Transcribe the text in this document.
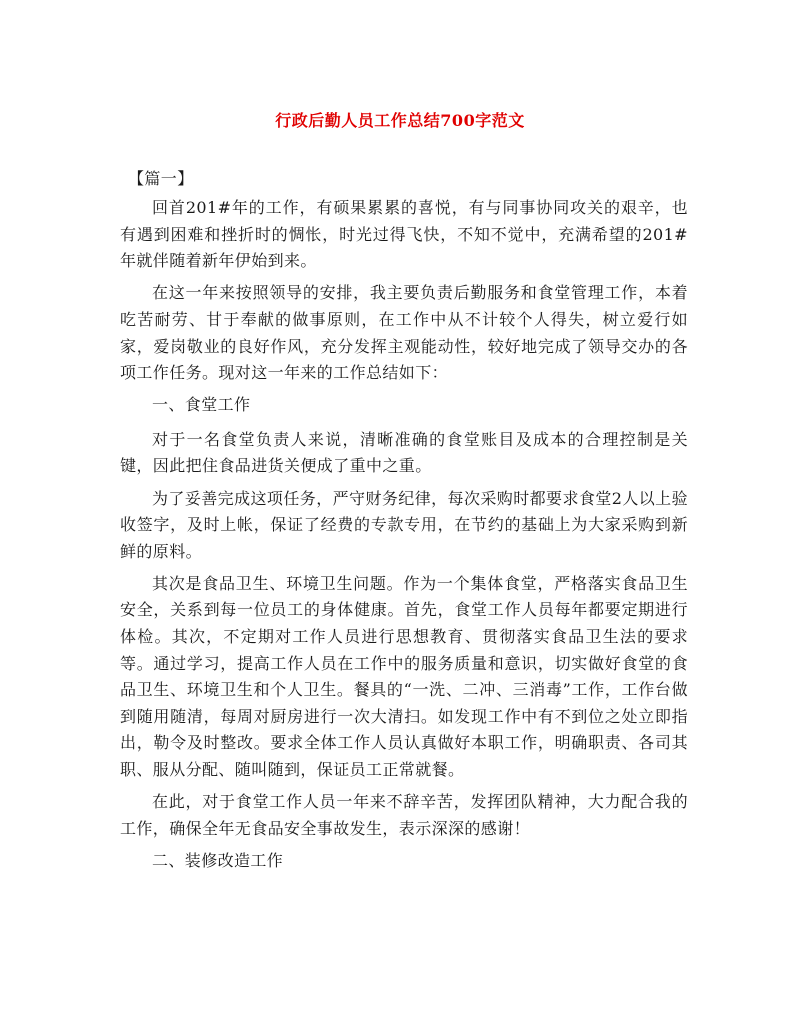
行政后勤人员工作总结700字范文
【篇一】

回首201#年的工作，有硕果累累的喜悦，有与同事协同攻关的艰辛，也有遇到困难和挫折时的惆怅，时光过得飞快，不知不觉中，充满希望的201#年就伴随着新年伊始到来。

在这一年来按照领导的安排，我主要负责后勤服务和食堂管理工作，本着吃苦耐劳、甘于奉献的做事原则，在工作中从不计较个人得失，树立爱行如家，爱岗敬业的良好作风，充分发挥主观能动性，较好地完成了领导交办的各项工作任务。现对这一年来的工作总结如下：

一、食堂工作

对于一名食堂负责人来说，清晰准确的食堂账目及成本的合理控制是关键，因此把住食品进货关便成了重中之重。

为了妥善完成这项任务，严守财务纪律，每次采购时都要求食堂2人以上验收签字，及时上帐，保证了经费的专款专用，在节约的基础上为大家采购到新鲜的原料。

其次是食品卫生、环境卫生问题。作为一个集体食堂，严格落实食品卫生安全，关系到每一位员工的身体健康。首先，食堂工作人员每年都要定期进行体检。其次，不定期对工作人员进行思想教育、贯彻落实食品卫生法的要求等。通过学习，提高工作人员在工作中的服务质量和意识，切实做好食堂的食品卫生、环境卫生和个人卫生。餐具的“一洗、二冲、三消毒”工作，工作台做到随用随清，每周对厨房进行一次大清扫。如发现工作中有不到位之处立即指出，勒令及时整改。要求全体工作人员认真做好本职工作，明确职责、各司其职、服从分配、随叫随到，保证员工正常就餐。

在此，对于食堂工作人员一年来不辞辛苦，发挥团队精神，大力配合我的工作，确保全年无食品安全事故发生，表示深深的感谢！

二、装修改造工作
